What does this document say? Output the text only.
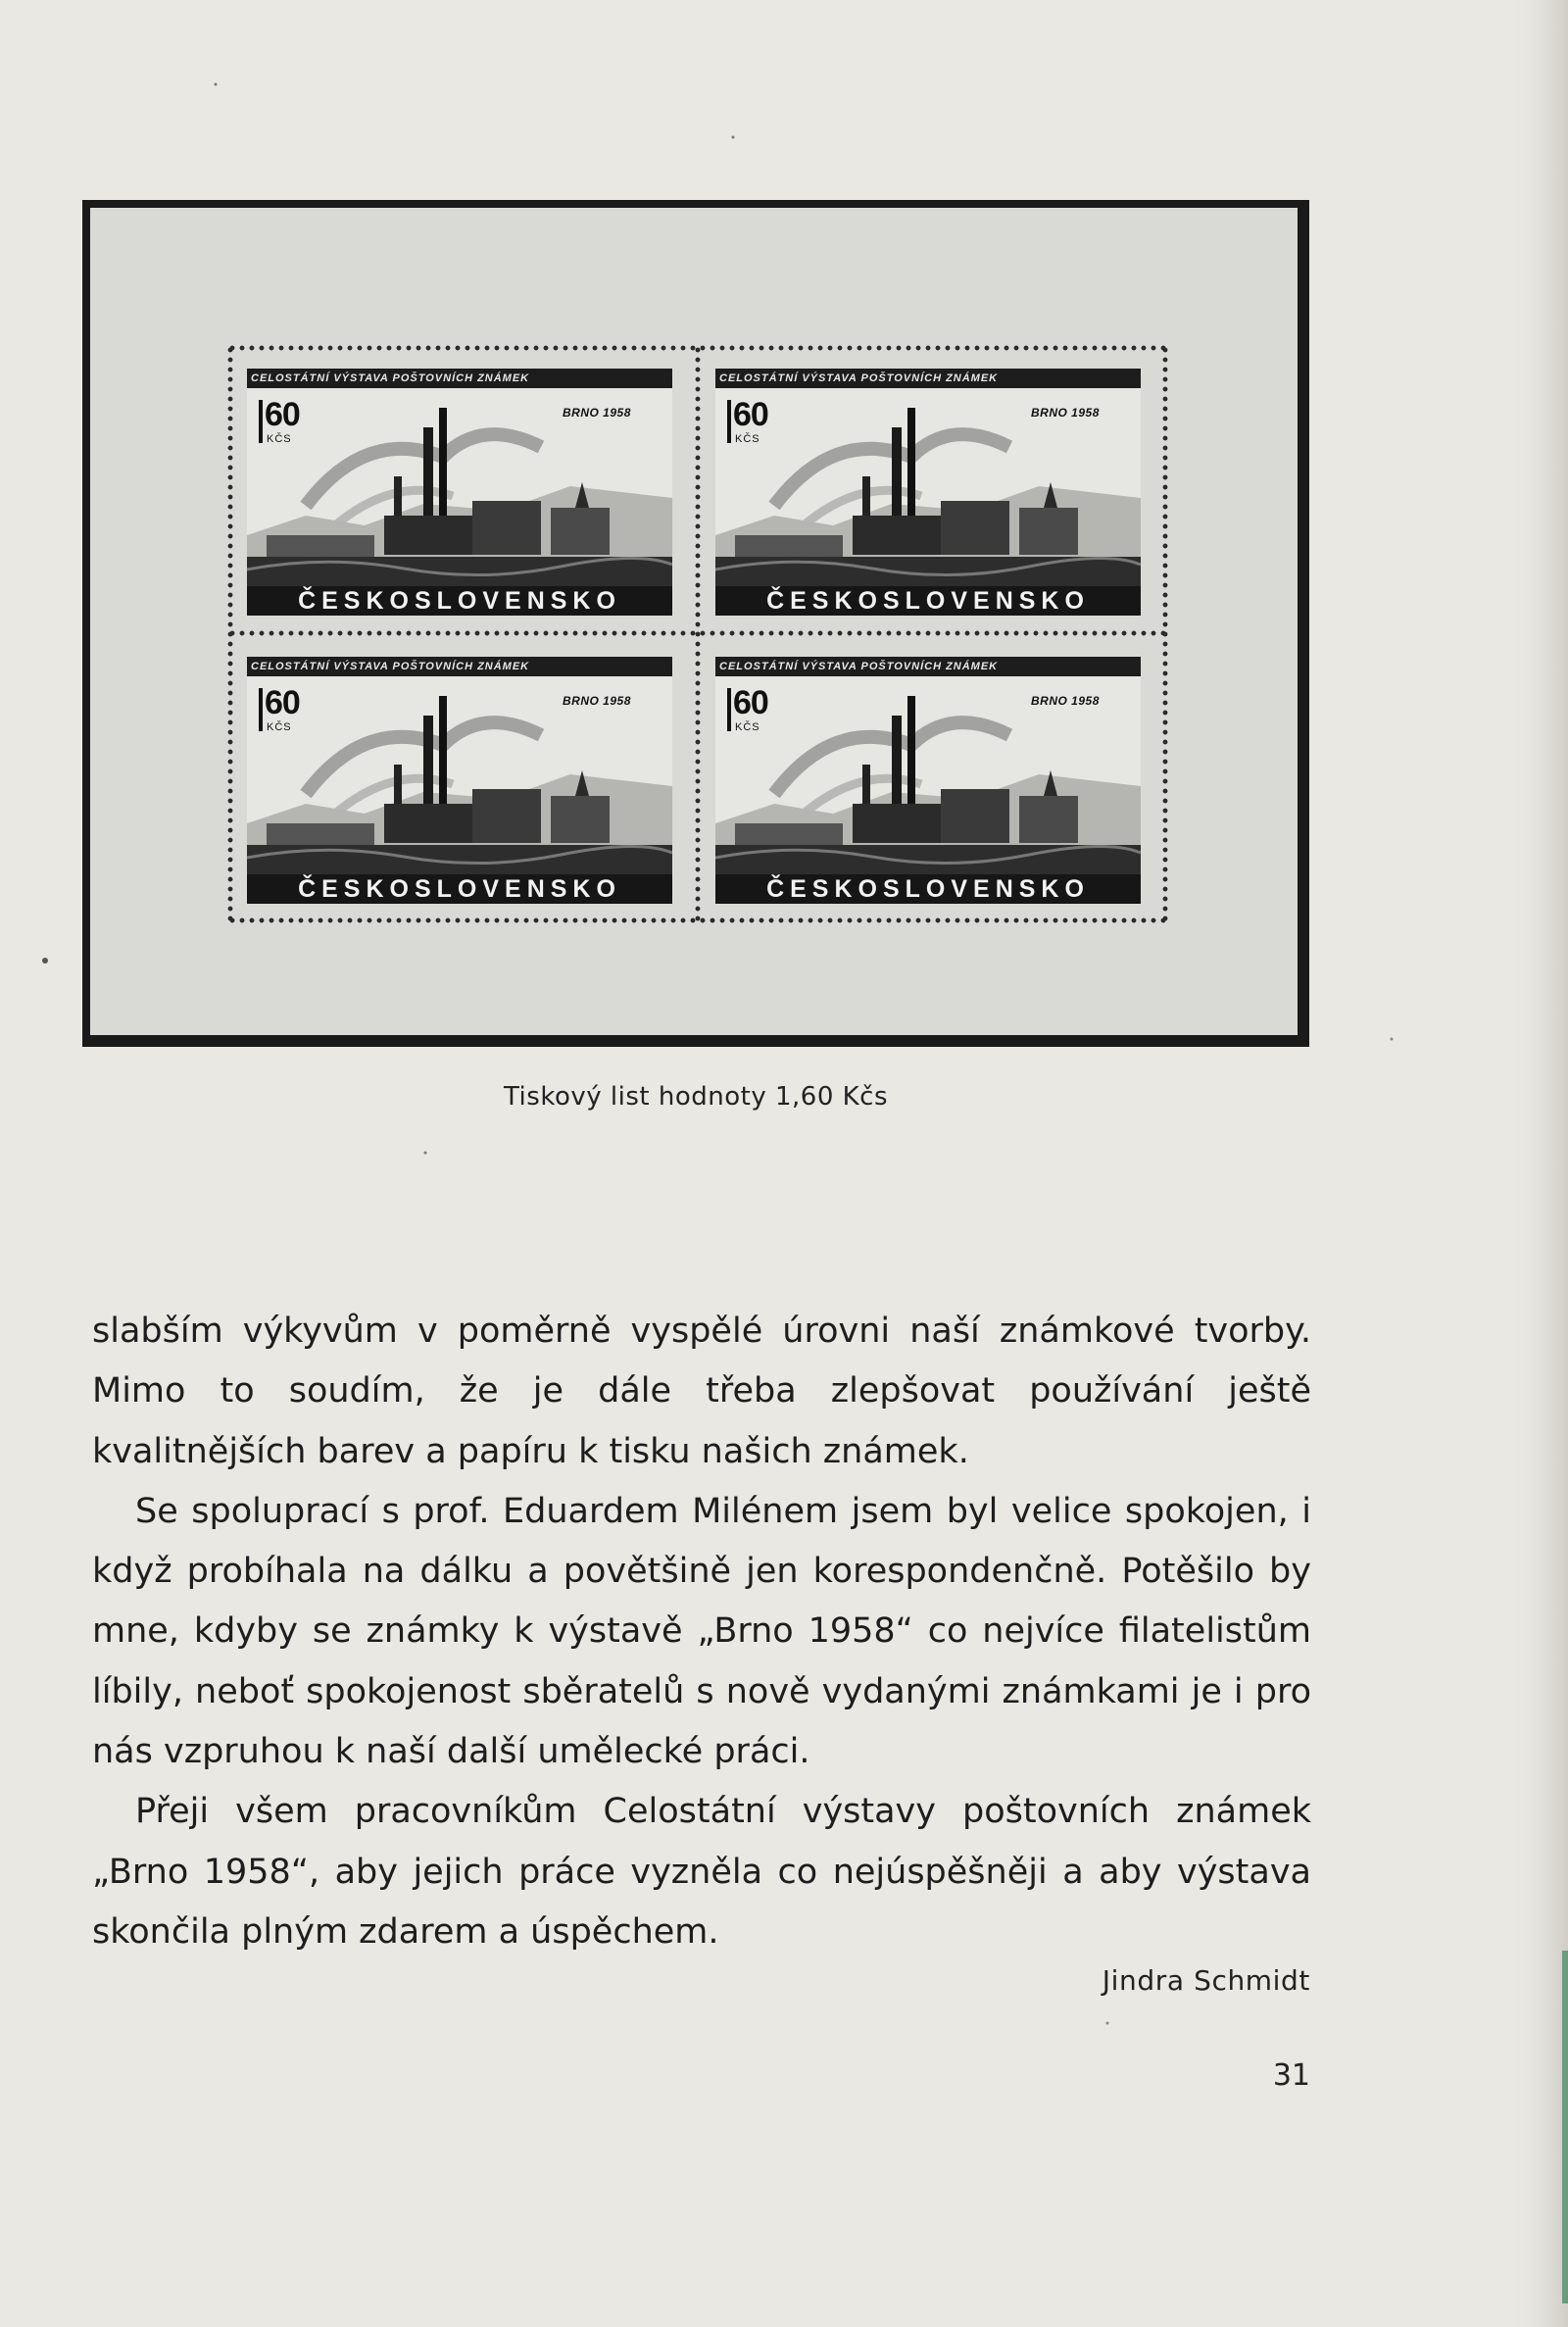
CELOSTÁTNÍ VÝSTAVA POŠTOVNÍCH ZNÁMEK
60
KČS
BRNO 1958
ČESKOSLOVENSKO
CELOSTÁTNÍ VÝSTAVA POŠTOVNÍCH ZNÁMEK
60
KČS
BRNO 1958
ČESKOSLOVENSKO
CELOSTÁTNÍ VÝSTAVA POŠTOVNÍCH ZNÁMEK
60
KČS
BRNO 1958
ČESKOSLOVENSKO
CELOSTÁTNÍ VÝSTAVA POŠTOVNÍCH ZNÁMEK
60
KČS
BRNO 1958
ČESKOSLOVENSKO
Tiskový list hodnoty 1,60 Kčs

slabším výkyvům v poměrně vyspělé úrovni naší známkové tvorby. Mimo to soudím, že je dále třeba zlepšovat používání ještě kvalitnějších barev a papíru k tisku našich známek.

Se spoluprací s prof. Eduardem Milénem jsem byl velice spokojen, i když probíhala na dálku a povětšině jen korespondenčně. Potěšilo by mne, kdyby se známky k výstavě „Brno 1958“ co nejvíce filatelistům líbily, neboť spokojenost sběratelů s nově vydanými známkami je i pro nás vzpruhou k naší další umělecké práci.

Přeji všem pracovníkům Celostátní výstavy poštovních známek „Brno 1958“, aby jejich práce vyzněla co nejúspěšněji a aby výstava skončila plným zdarem a úspěchem.

Jindra Schmidt
31
